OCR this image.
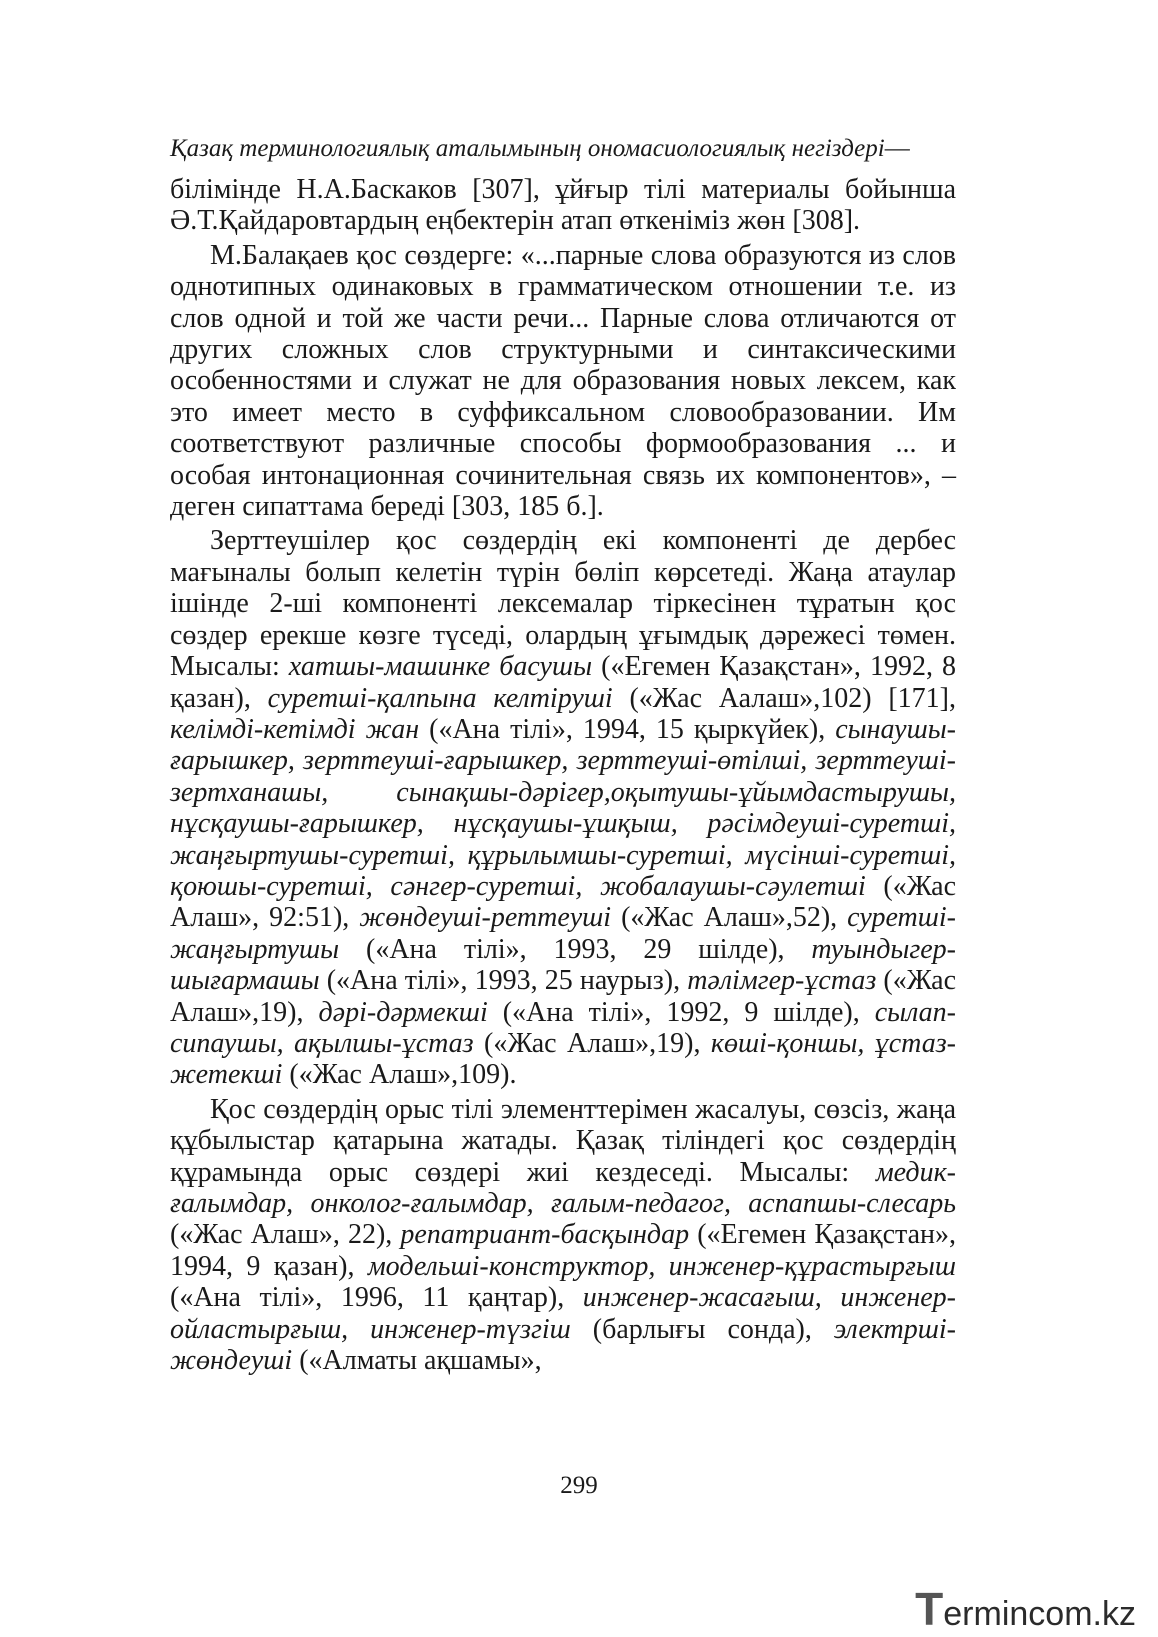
Қазақ терминологиялық аталымының ономасиологиялық негіздері—

білімінде Н.А.Баскаков [307], ұйғыр тілі материалы бойынша Ә.Т.Қайдаровтардың еңбектерін атап өткеніміз жөн [308].

М.Балақаев қос сөздерге: «...парные слова образуются из слов однотипных одинаковых в грамматическом отношении т.е. из слов одной и той же части речи... Парные слова отличаются от других сложных слов структурными и синтаксическими особенностями и служат не для образования новых лексем, как это имеет место в суффиксальном словообразовании. Им соответствуют различные способы формообразования ... и особая интонационная сочинительная связь их компонентов», – деген сипаттама береді [303, 185 б.].

Зерттеушілер қос сөздердің екі компоненті де дербес мағыналы болып келетін түрін бөліп көрсетеді. Жаңа атаулар ішінде 2-ші компоненті лексемалар тіркесінен тұратын қос сөздер ерекше көзге түседі, олардың ұғымдық дәрежесі төмен. Мысалы: хатшы-машинке басушы («Егемен Қазақстан», 1992, 8 қазан), суретші-қалпына келтіруші («Жас Аалаш»,102) [171], келімді-кетімді жан («Ана тілі», 1994, 15 қыркүйек), сынаушы-ғарышкер, зерттеуші-ғарышкер, зерттеуші-өтілші, зерттеуші-зертханашы, сынақшы-дәрігер,оқытушы-ұйымдастырушы, нұсқаушы-ғарышкер, нұсқаушы-ұшқыш, рәсімдеуші-суретші, жаңғыртушы-суретші, құрылымшы-суретші, мүсінші-суретші, қоюшы-суретші, сәнгер-суретші, жобалаушы-сәулетші («Жас Алаш», 92:51), жөндеуші-реттеуші («Жас Алаш»,52), суретші-жаңғыртушы («Ана тілі», 1993, 29 шілде), туындыгер-шығармашы («Ана тілі», 1993, 25 наурыз), тәлімгер-ұстаз («Жас Алаш»,19), дәрі-дәрмекші («Ана тілі», 1992, 9 шілде), сылап-сипаушы, ақылшы-ұстаз («Жас Алаш»,19), көші-қоншы, ұстаз-жетекші («Жас Алаш»,109).

Қос сөздердің орыс тілі элементтерімен жасалуы, сөзсіз, жаңа құбылыстар қатарына жатады. Қазақ тіліндегі қос сөздердің құрамында орыс сөздері жиі кездеседі. Мысалы: медик-ғалымдар, онколог-ғалымдар, ғалым-педагог, аспапшы-слесарь («Жас Алаш», 22), репатриант-басқындар («Егемен Қазақстан», 1994, 9 қазан), модельші-конструктор, инженер-құрастырғыш («Ана тілі», 1996, 11 қаңтар), инженер-жасағыш, инженер-ойластырғыш, инженер-түзгіш (барлығы сонда), электрші-жөндеуші («Алматы ақшамы»,

299
Termincom.kz
